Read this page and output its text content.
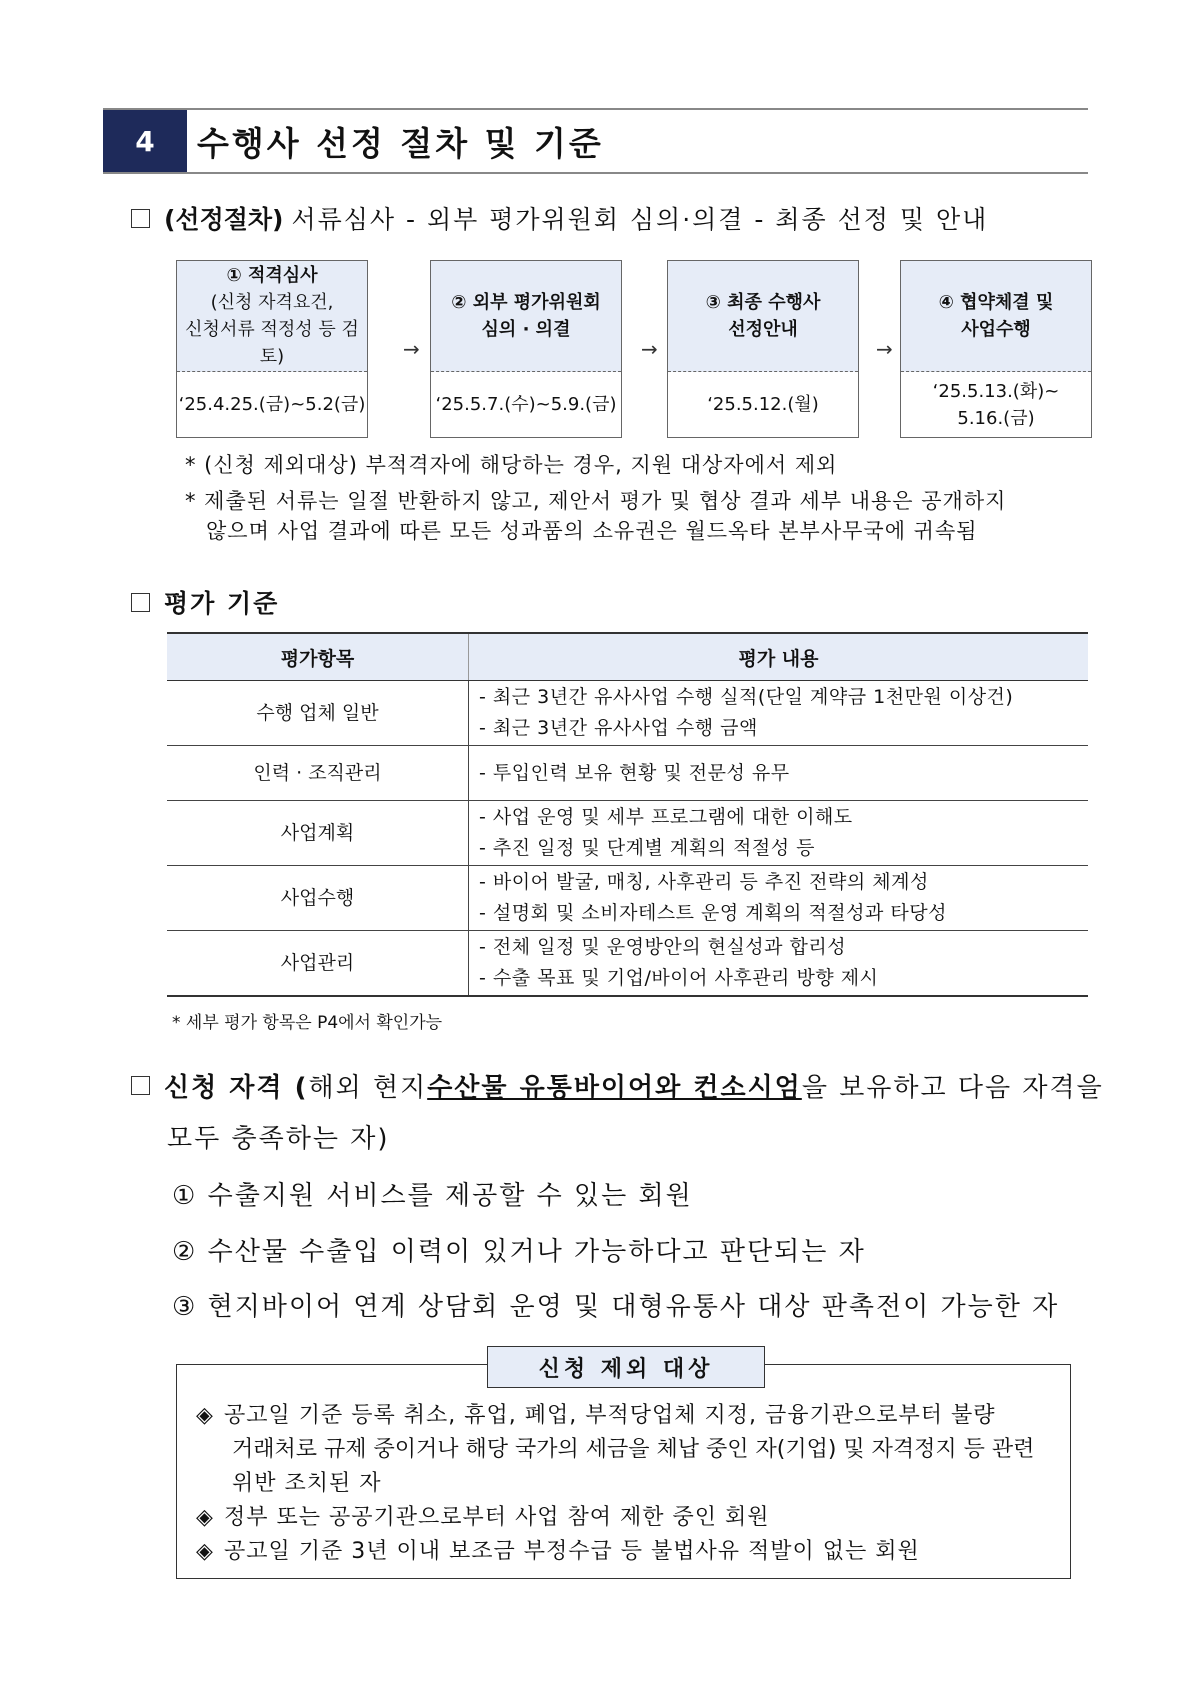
4	수행사 선정 절차 및 기준
(선정절차) 서류심사 - 외부 평가위원회 심의·의결 - 최종 선정 및 안내
① 적격심사
(신청 자격요건,
신청서류 적정성 등 검토)
‘25.4.25.(금)~5.2(금)
→
② 외부 평가위원회
심의 · 의결
‘25.5.7.(수)~5.9.(금)
→
③ 최종 수행사
선정안내
‘25.5.12.(월)
→
④ 협약체결 및
사업수행
‘25.5.13.(화)~
5.16.(금)
* (신청 제외대상) 부적격자에 해당하는 경우, 지원 대상자에서 제외
* 제출된 서류는 일절 반환하지 않고, 제안서 평가 및 협상 결과 세부 내용은 공개하지
않으며 사업 결과에 따른 모든 성과품의 소유권은 월드옥타 본부사무국에 귀속됨
평가 기준
평가항목	평가 내용
수행 업체 일반	- 최근 3년간 유사사업 수행 실적(단일 계약금 1천만원 이상건)
- 최근 3년간 유사사업 수행 금액

인력 · 조직관리	- 투입인력 보유 현황 및 전문성 유무

사업계획	- 사업 운영 및 세부 프로그램에 대한 이해도
- 추진 일정 및 단계별 계획의 적절성 등

사업수행	- 바이어 발굴, 매칭, 사후관리 등 추진 전략의 체계성
- 설명회 및 소비자테스트 운영 계획의 적절성과 타당성

사업관리	- 전체 일정 및 운영방안의 현실성과 합리성
- 수출 목표 및 기업/바이어 사후관리 방향 제시
* 세부 평가 항목은 P4에서 확인가능
신청 자격 ( 해외 현지 수산물 유통바이어와 컨소시엄 을 보유하고 다음 자격을
모두 충족하는 자)
① 수출지원 서비스를 제공할 수 있는 회원
② 수산물 수출입 이력이 있거나 가능하다고 판단되는 자
③ 현지바이어 연계 상담회 운영 및 대형유통사 대상 판촉전이 가능한 자
신청 제외 대상
◈ 공고일 기준 등록 취소, 휴업, 폐업, 부적당업체 지정, 금융기관으로부터 불량
거래처로 규제 중이거나 해당 국가의 세금을 체납 중인 자(기업) 및 자격정지 등 관련
위반 조치된 자
◈ 정부 또는 공공기관으로부터 사업 참여 제한 중인 회원
◈ 공고일 기준 3년 이내 보조금 부정수급 등 불법사유 적발이 없는 회원
